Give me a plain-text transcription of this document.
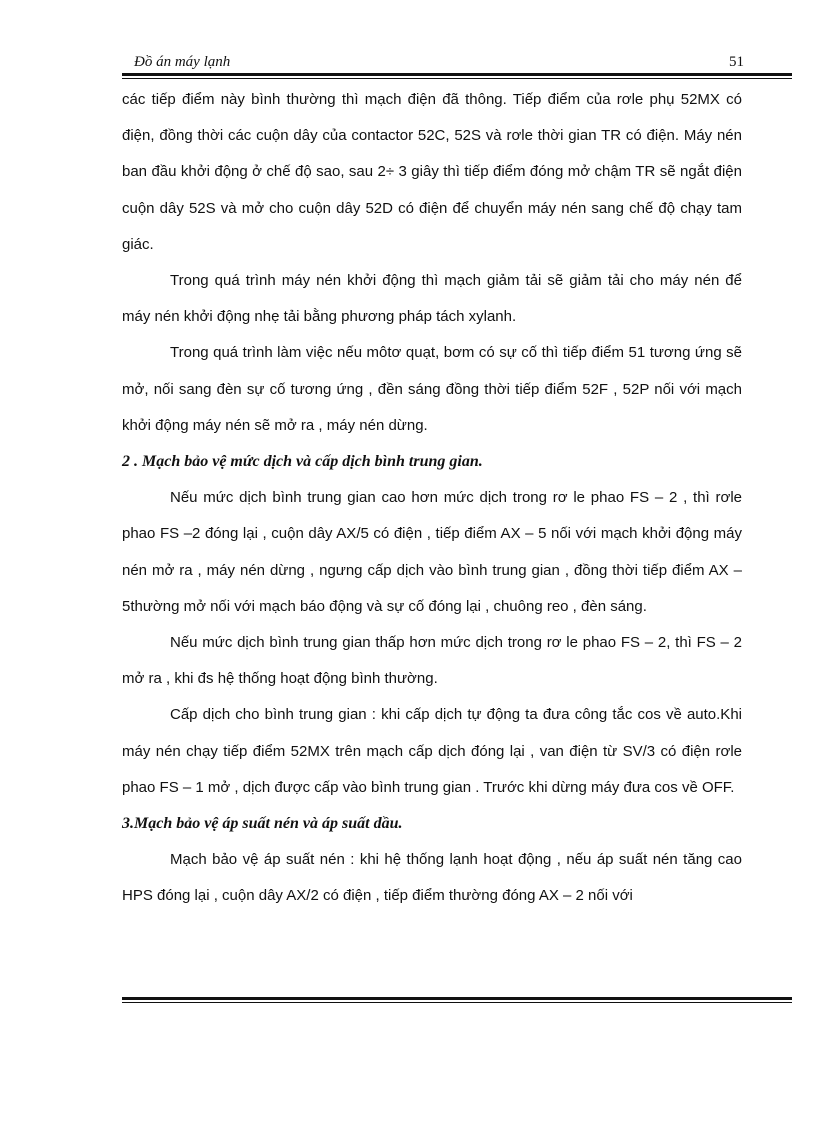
Đồ án máy lạnh	51

các tiếp điểm này bình thường thì mạch điện đã thông. Tiếp điểm của rơle phụ 52MX có điện, đồng thời các cuộn dây của contactor 52C, 52S và rơle thời gian TR có điện. Máy nén ban đầu khởi động ở chế độ sao, sau 2÷ 3 giây thì tiếp điểm đóng mở chậm TR sẽ ngắt điện cuộn dây 52S và mở cho cuộn dây 52D có điện để chuyển máy nén sang chế độ chạy tam giác.

Trong quá trình máy nén khởi động thì mạch giảm tải sẽ giảm tải cho máy nén để máy nén khởi động nhẹ tải bằng phương pháp tách xylanh.

Trong quá trình làm việc nếu môtơ quạt, bơm có sự cố thì tiếp điểm 51 tương ứng sẽ mở, nối sang đèn sự cố tương ứng , đền sáng đồng thời tiếp điểm 52F , 52P nối với mạch khởi động máy nén sẽ mở ra , máy nén dừng.

2 . Mạch bảo vệ mức dịch và cấp dịch bình trung gian.

Nếu mức dịch bình trung gian cao hơn mức dịch trong rơ le phao FS – 2 , thì rơle phao FS –2 đóng lại , cuộn dây AX/5 có điện , tiếp điểm AX – 5 nối với mạch khởi động máy nén mở ra , máy nén dừng , ngưng cấp dịch vào bình trung gian , đồng thời tiếp điểm AX – 5thường mở nối với mạch báo động và sự cố đóng lại , chuông reo , đèn sáng.

Nếu mức dịch bình trung gian thấp hơn mức dịch trong rơ le phao FS – 2, thì FS – 2 mở ra , khi đs hệ thống hoạt động bình thường.

Cấp dịch cho bình trung gian : khi cấp dịch tự động ta đưa công tắc cos về auto.Khi máy nén chạy tiếp điểm 52MX trên mạch cấp dịch đóng lại , van điện từ SV/3 có điện rơle phao FS – 1 mở , dịch được cấp vào bình trung gian . Trước khi dừng máy đưa cos về OFF.

3.Mạch bảo vệ áp suất nén và áp suất dầu.

Mạch bảo vệ áp suất nén : khi hệ thống lạnh hoạt động , nếu áp suất nén tăng cao HPS đóng lại , cuộn dây AX/2 có điện , tiếp điểm thường đóng AX – 2 nối với
